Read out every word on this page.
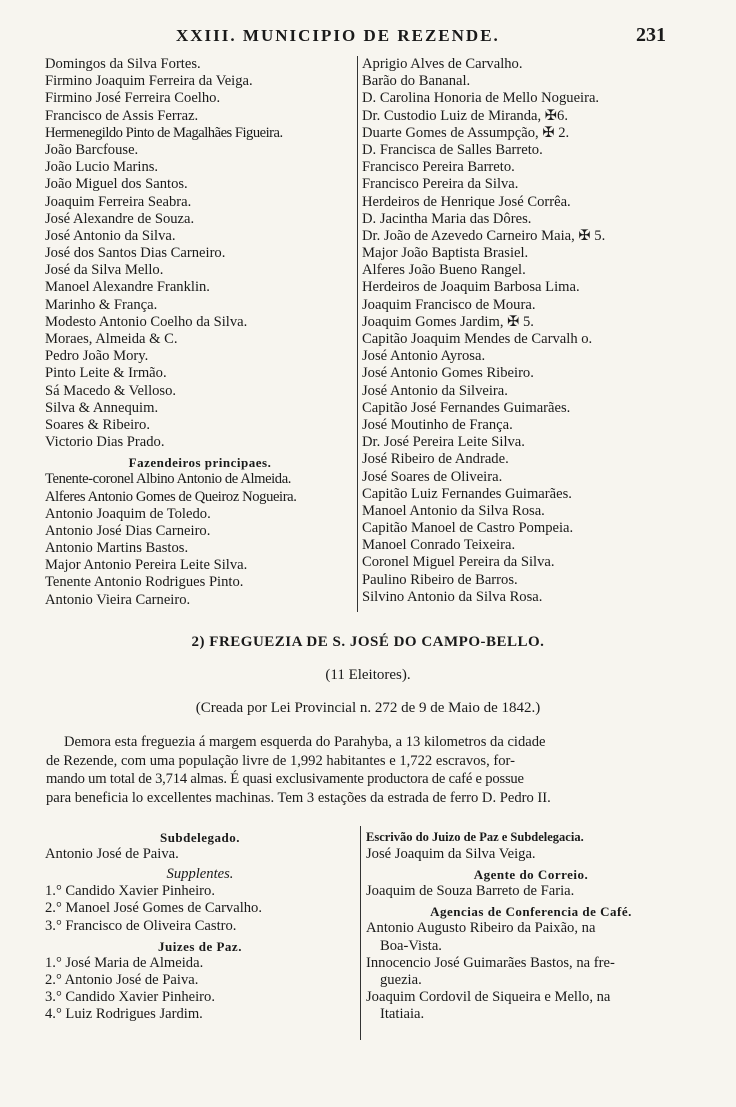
XXIII. MUNICIPIO DE REZENDE.	231
Domingos da Silva Fortes.
Firmino Joaquim Ferreira da Veiga.
Firmino José Ferreira Coelho.
Francisco de Assis Ferraz.
Hermenegildo Pinto de Magalhães Figueira.
João Barcfouse.
João Lucio Marins.
João Miguel dos Santos.
Joaquim Ferreira Seabra.
José Alexandre de Souza.
José Antonio da Silva.
José dos Santos Dias Carneiro.
José da Silva Mello.
Manoel Alexandre Franklin.
Marinho & França.
Modesto Antonio Coelho da Silva.
Moraes, Almeida & C.
Pedro João Mory.
Pinto Leite & Irmão.
Sá Macedo & Velloso.
Silva & Annequim.
Soares & Ribeiro.
Victorio Dias Prado.
Fazendeiros principaes.
Tenente-coronel Albino Antonio de Almeida.
Alferes Antonio Gomes de Queiroz Nogueira.
Antonio Joaquim de Toledo.
Antonio José Dias Carneiro.
Antonio Martins Bastos.
Major Antonio Pereira Leite Silva.
Tenente Antonio Rodrigues Pinto.
Antonio Vieira Carneiro.
Aprigio Alves de Carvalho.
Barão do Bananal.
D. Carolina Honoria de Mello Nogueira.
Dr. Custodio Luiz de Miranda, ✠6.
Duarte Gomes de Assumpção, ✠ 2.
D. Francisca de Salles Barreto.
Francisco Pereira Barreto.
Francisco Pereira da Silva.
Herdeiros de Henrique José Corrêa.
D. Jacintha Maria das Dôres.
Dr. João de Azevedo Carneiro Maia, ✠ 5.
Major João Baptista Brasiel.
Alferes João Bueno Rangel.
Herdeiros de Joaquim Barbosa Lima.
Joaquim Francisco de Moura.
Joaquim Gomes Jardim, ✠ 5.
Capitão Joaquim Mendes de Carvalh o.
José Antonio Ayrosa.
José Antonio Gomes Ribeiro.
José Antonio da Silveira.
Capitão José Fernandes Guimarães.
José Moutinho de França.
Dr. José Pereira Leite Silva.
José Ribeiro de Andrade.
José Soares de Oliveira.
Capitão Luiz Fernandes Guimarães.
Manoel Antonio da Silva Rosa.
Capitão Manoel de Castro Pompeia.
Manoel Conrado Teixeira.
Coronel Miguel Pereira da Silva.
Paulino Ribeiro de Barros.
Silvino Antonio da Silva Rosa.
2) FREGUEZIA DE S. JOSÉ DO CAMPO-BELLO.
(11 Eleitores).
(Creada por Lei Provincial n. 272 de 9 de Maio de 1842.)
Demora esta freguezia á margem esquerda do Parahyba, a 13 kilometros da cidade
de Rezende, com uma população livre de 1,992 habitantes e 1,722 escravos, for-
mando um total de 3,714 almas. É quasi exclusivamente productora de café e possue
para beneficia lo excellentes machinas. Tem 3 estações da estrada de ferro D. Pedro II.
Subdelegado.
Antonio José de Paiva.
Supplentes.
1.° Candido Xavier Pinheiro.
2.° Manoel José Gomes de Carvalho.
3.° Francisco de Oliveira Castro.
Juizes de Paz.
1.° José Maria de Almeida.
2.° Antonio José de Paiva.
3.° Candido Xavier Pinheiro.
4.° Luiz Rodrigues Jardim.
Escrivão do Juizo de Paz e Subdelegacia.
José Joaquim da Silva Veiga.
Agente do Correio.
Joaquim de Souza Barreto de Faria.
Agencias de Conferencia de Café.
Antonio Augusto Ribeiro da Paixão, na
Boa-Vista.
Innocencio José Guimarães Bastos, na fre-
guezia.
Joaquim Cordovil de Siqueira e Mello, na
Itatiaia.
